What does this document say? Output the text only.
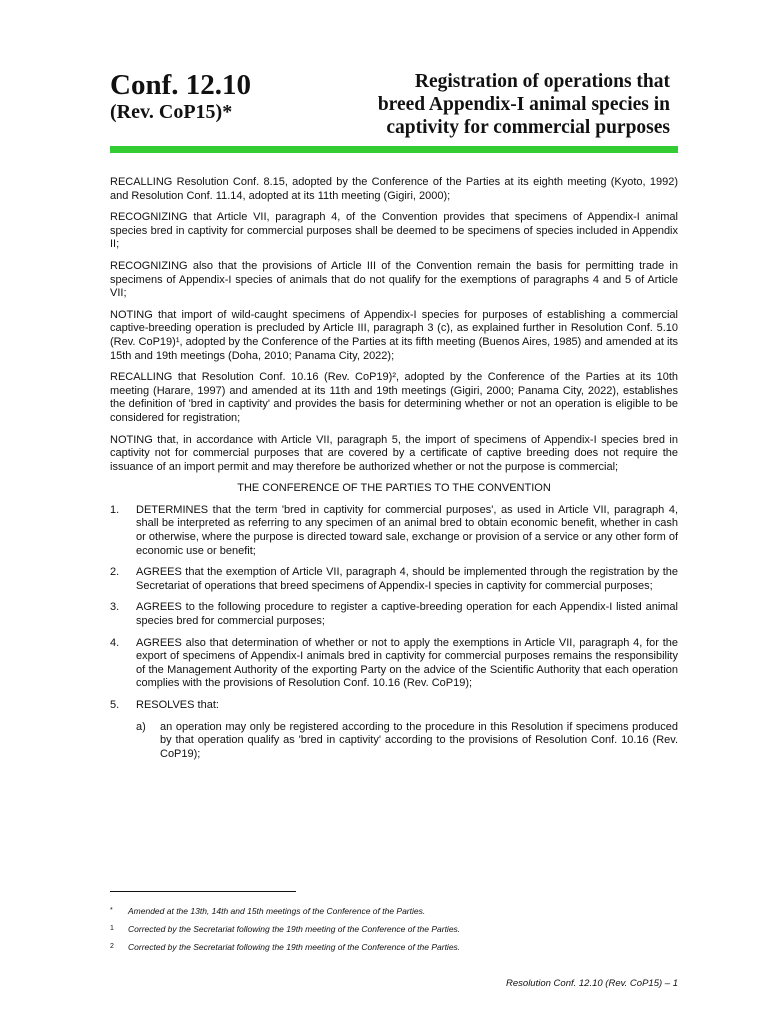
Conf. 12.10
(Rev. CoP15)*
Registration of operations that
breed Appendix-I animal species in
captivity for commercial purposes

RECALLING Resolution Conf. 8.15, adopted by the Conference of the Parties at its eighth meeting (Kyoto, 1992) and Resolution Conf. 11.14, adopted at its 11th meeting (Gigiri, 2000);

RECOGNIZING that Article VII, paragraph 4, of the Convention provides that specimens of Appendix-I animal species bred in captivity for commercial purposes shall be deemed to be specimens of species included in Appendix II;

RECOGNIZING also that the provisions of Article III of the Convention remain the basis for permitting trade in specimens of Appendix-I species of animals that do not qualify for the exemptions of paragraphs 4 and 5 of Article VII;

NOTING that import of wild-caught specimens of Appendix-I species for purposes of establishing a commercial captive-breeding operation is precluded by Article III, paragraph 3 (c), as explained further in Resolution Conf. 5.10 (Rev. CoP19)¹, adopted by the Conference of the Parties at its fifth meeting (Buenos Aires, 1985) and amended at its 15th and 19th meetings (Doha, 2010; Panama City, 2022);

RECALLING that Resolution Conf. 10.16 (Rev. CoP19)², adopted by the Conference of the Parties at its 10th meeting (Harare, 1997) and amended at its 11th and 19th meetings (Gigiri, 2000; Panama City, 2022), establishes the definition of 'bred in captivity' and provides the basis for determining whether or not an operation is eligible to be considered for registration;

NOTING that, in accordance with Article VII, paragraph 5, the import of specimens of Appendix-I species bred in captivity not for commercial purposes that are covered by a certificate of captive breeding does not require the issuance of an import permit and may therefore be authorized whether or not the purpose is commercial;

THE CONFERENCE OF THE PARTIES TO THE CONVENTION

1. DETERMINES that the term 'bred in captivity for commercial purposes', as used in Article VII, paragraph 4, shall be interpreted as referring to any specimen of an animal bred to obtain economic benefit, whether in cash or otherwise, where the purpose is directed toward sale, exchange or provision of a service or any other form of economic use or benefit;
2. AGREES that the exemption of Article VII, paragraph 4, should be implemented through the registration by the Secretariat of operations that breed specimens of Appendix-I species in captivity for commercial purposes;
3. AGREES to the following procedure to register a captive-breeding operation for each Appendix-I listed animal species bred for commercial purposes;
4. AGREES also that determination of whether or not to apply the exemptions in Article VII, paragraph 4, for the export of specimens of Appendix-I animals bred in captivity for commercial purposes remains the responsibility of the Management Authority of the exporting Party on the advice of the Scientific Authority that each operation complies with the provisions of Resolution Conf. 10.16 (Rev. CoP19);
5. RESOLVES that:
a) an operation may only be registered according to the procedure in this Resolution if specimens produced by that operation qualify as 'bred in captivity' according to the provisions of Resolution Conf. 10.16 (Rev. CoP19);
* Amended at the 13th, 14th and 15th meetings of the Conference of the Parties.
1 Corrected by the Secretariat following the 19th meeting of the Conference of the Parties.
2 Corrected by the Secretariat following the 19th meeting of the Conference of the Parties.
Resolution Conf. 12.10 (Rev. CoP15) – 1
